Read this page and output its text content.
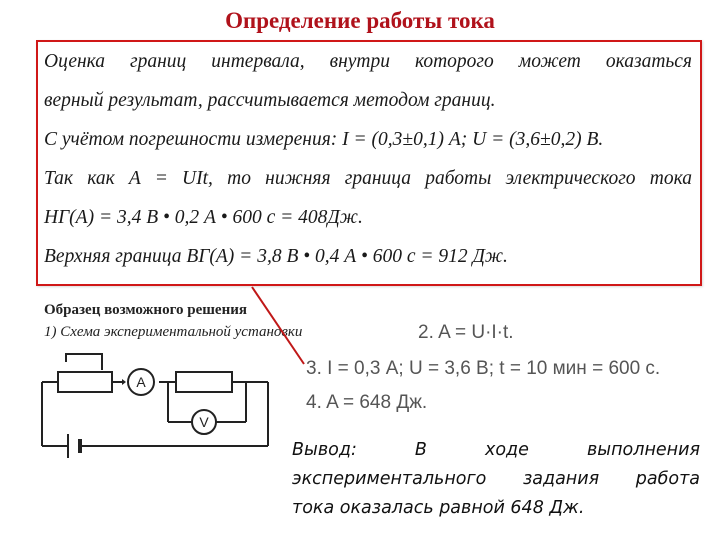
Определение работы тока

Оценка границ интервала, внутри которого может оказаться

верный результат, рассчитывается методом границ.

С учётом погрешности измерения: I = (0,3±0,1) А; U = (3,6±0,2) В.

Так как A = UIt, то нижняя граница работы электрического тока

НГ(A) = 3,4 В • 0,2 А • 600 с = 408Дж.

Верхняя граница ВГ(A) = 3,8 В • 0,4 А • 600 с = 912 Дж.

Образец возможного решения
1) Схема экспериментальной установки	2. A = U·I·t.
3. I = 0,3 А; U = 3,6 В; t = 10 мин = 600 с.
4. A = 648 Дж.
A
V
Вывод: В ходе выполнения
экспериментального задания работа
тока оказалась равной 648 Дж.
